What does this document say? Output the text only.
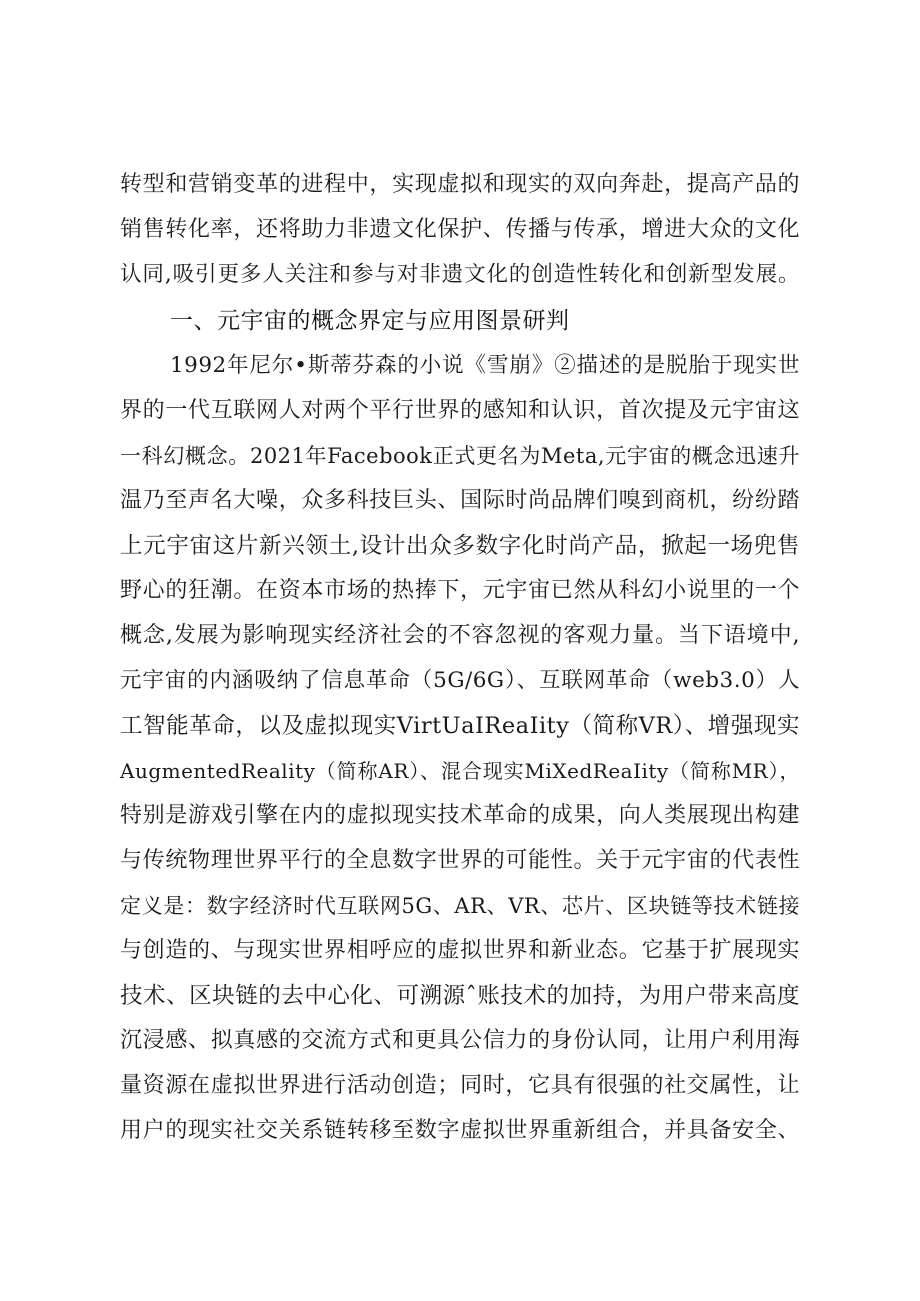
转型和营销变革的进程中，实现虚拟和现实的双向奔赴，提高产品的
销售转化率，还将助力非遗文化保护、传播与传承，增进大众的文化
认同,吸引更多人关注和参与对非遗文化的创造性转化和创新型发展。
一、元宇宙的概念界定与应用图景研判
1992年尼尔•斯蒂芬森的小说《雪崩》②描述的是脱胎于现实世
界的一代互联网人对两个平行世界的感知和认识，首次提及元宇宙这
一科幻概念。2021年Facebook正式更名为Meta,元宇宙的概念迅速升
温乃至声名大噪，众多科技巨头、国际时尚品牌们嗅到商机，纷纷踏
上元宇宙这片新兴领土,设计出众多数字化时尚产品，掀起一场兜售
野心的狂潮。在资本市场的热捧下，元宇宙已然从科幻小说里的一个
概念,发展为影响现实经济社会的不容忽视的客观力量。当下语境中,
元宇宙的内涵吸纳了信息革命（5G/6G）、互联网革命（web3.0）人
工智能革命，以及虚拟现实VirtUaIReaIity（简称VR）、增强现实
AugmentedReality（简称AR）、混合现实MiXedReaIity（简称MR），
特别是游戏引擎在内的虚拟现实技术革命的成果，向人类展现出构建
与传统物理世界平行的全息数字世界的可能性。关于元宇宙的代表性
定义是：数字经济时代互联网5G、AR、VR、芯片、区块链等技术链接
与创造的、与现实世界相呼应的虚拟世界和新业态。它基于扩展现实
技术、区块链的去中心化、可溯源ˆ账技术的加持，为用户带来高度
沉浸感、拟真感的交流方式和更具公信力的身份认同，让用户利用海
量资源在虚拟世界进行活动创造；同时，它具有很强的社交属性，让
用户的现实社交关系链转移至数字虚拟世界重新组合，并具备安全、
